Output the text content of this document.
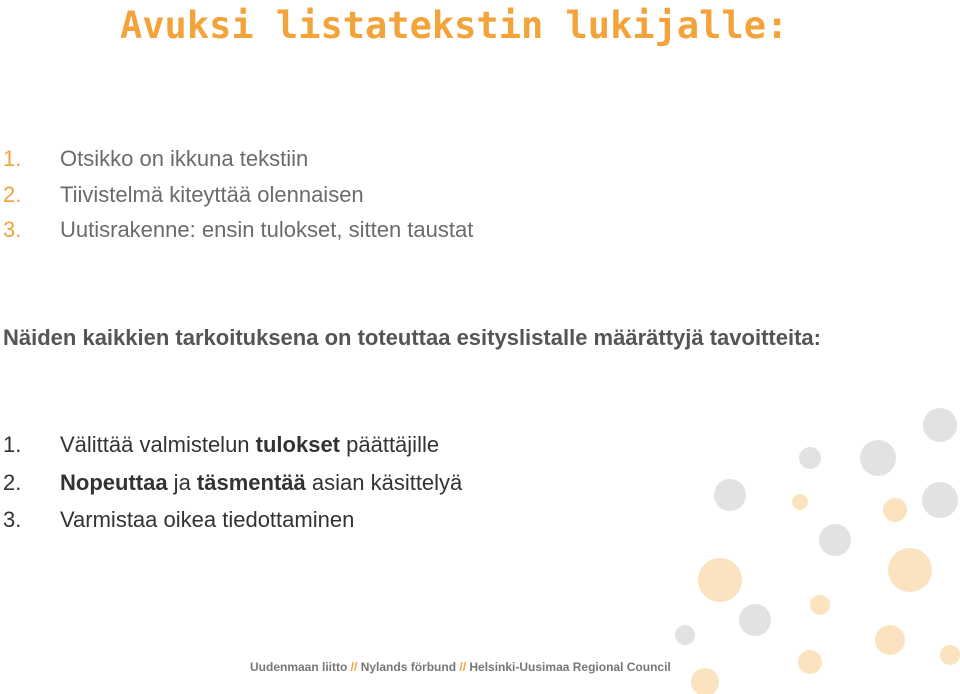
Avuksi listatekstin lukijalle:
1. Otsikko on ikkuna tekstiin
2. Tiivistelmä kiteyttää olennaisen
3. Uutisrakenne: ensin tulokset, sitten taustat

Näiden kaikkien tarkoituksena on toteuttaa esityslistalle määrättyjä tavoitteita:

1. Välittää valmistelun tulokset päättäjille
2. Nopeuttaa ja täsmentää asian käsittelyä
3. Varmistaa oikea tiedottaminen
Uudenmaan liitto // Nylands förbund // Helsinki-Uusimaa Regional Council
